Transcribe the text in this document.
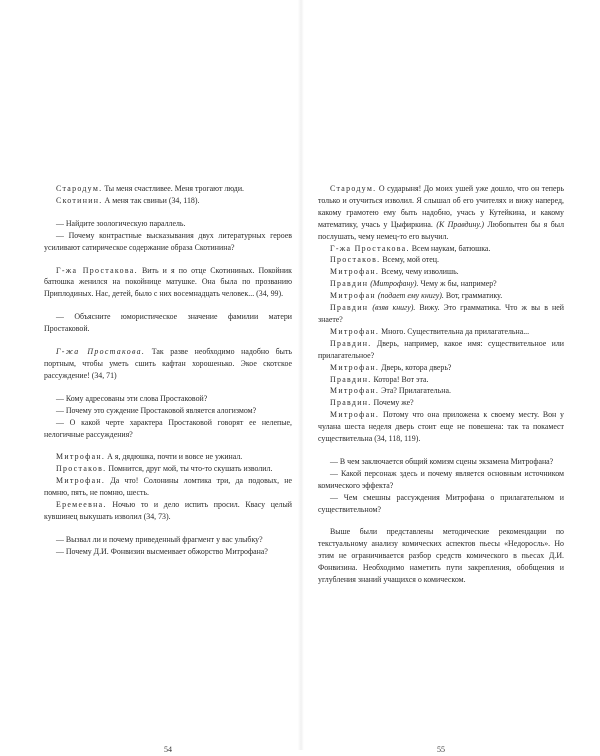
Стародум. Ты меня счастливее. Меня трогают люди.

Скотинин. А меня так свиньи (34, 118).

— Найдите зоологическую параллель.

— Почему контрастные высказывания двух литературных героев усиливают сатирическое содержание образа Скотинина?

Г-жа Простакова. Вить и я по отце Скотининых. Покойник батюшка женился на покойнице матушке. Она была по прозванию Приплодиных. Нас, детей, было с них восемнадцать человек... (34, 99).

— Объясните юмористическое значение фамилии матери Простаковой.

Г-жа Простакова. Так разве необходимо надобно быть портным, чтобы уметь сшить кафтан хорошенько. Экое скотское рассуждение! (34, 71)

— Кому адресованы эти слова Простаковой?

— Почему это суждение Простаковой является алогизмом?

— О какой черте характера Простаковой говорят ее нелепые, нелогичные рассуждения?

Митрофан. А я, дядюшка, почти и вовсе не ужинал.

Простаков. Помнится, друг мой, ты что-то скушать изволил.

Митрофан. Да что! Солонины ломтика три, да подовых, не помню, пять, не помню, шесть.

Еремеевна. Ночью то и дело испить просил. Квасу целый кувшинец выкушать изволил (34, 73).

— Вызвал ли и почему приведенный фрагмент у вас улыбку?

— Почему Д.И. Фонвизин высмеивает обжорство Митрофана?

54

Стародум. О сударыня! До моих ушей уже дошло, что он теперь только и отучиться изволил. Я слышал об его учителях и вижу наперед, какому грамотею ему быть надобно, учась у Кутейкина, и какому математику, учась у Цыфиркина. (К Правдину.) Любопытен бы я был послушать, чему немец-то его выучил.

Г-жа Простакова. Всем наукам, батюшка.

Простаков. Всему, мой отец.

Митрофан. Всему, чему изволишь.

Правдин (Митрофану). Чему ж бы, например?

Митрофан (подает ему книгу). Вот, грамматику.

Правдин (взяв книгу). Вижу. Это грамматика. Что ж вы в ней знаете?

Митрофан. Много. Существительна да прилагательна...

Правдин. Дверь, например, какое имя: существительное или прилагательное?

Митрофан. Дверь, котора дверь?

Правдин. Котора! Вот эта.

Митрофан. Эта? Прилагательна.

Правдин. Почему же?

Митрофан. Потому что она приложена к своему месту. Вон у чулана шеста неделя дверь стоит еще не повешена: так та покамест существительна (34, 118, 119).

— В чем заключается общий комизм сцены экзамена Митрофана?

— Какой персонаж здесь и почему является основным источником комического эффекта?

— Чем смешны рассуждения Митрофана о прилагательном и существительном?

Выше были представлены методические рекомендации по текстуальному анализу комических аспектов пьесы «Недоросль». Но этим не ограничивается разбор средств комического в пьесах Д.И. Фонвизина. Необходимо наметить пути закрепления, обобщения и углубления знаний учащихся о комическом.

55
